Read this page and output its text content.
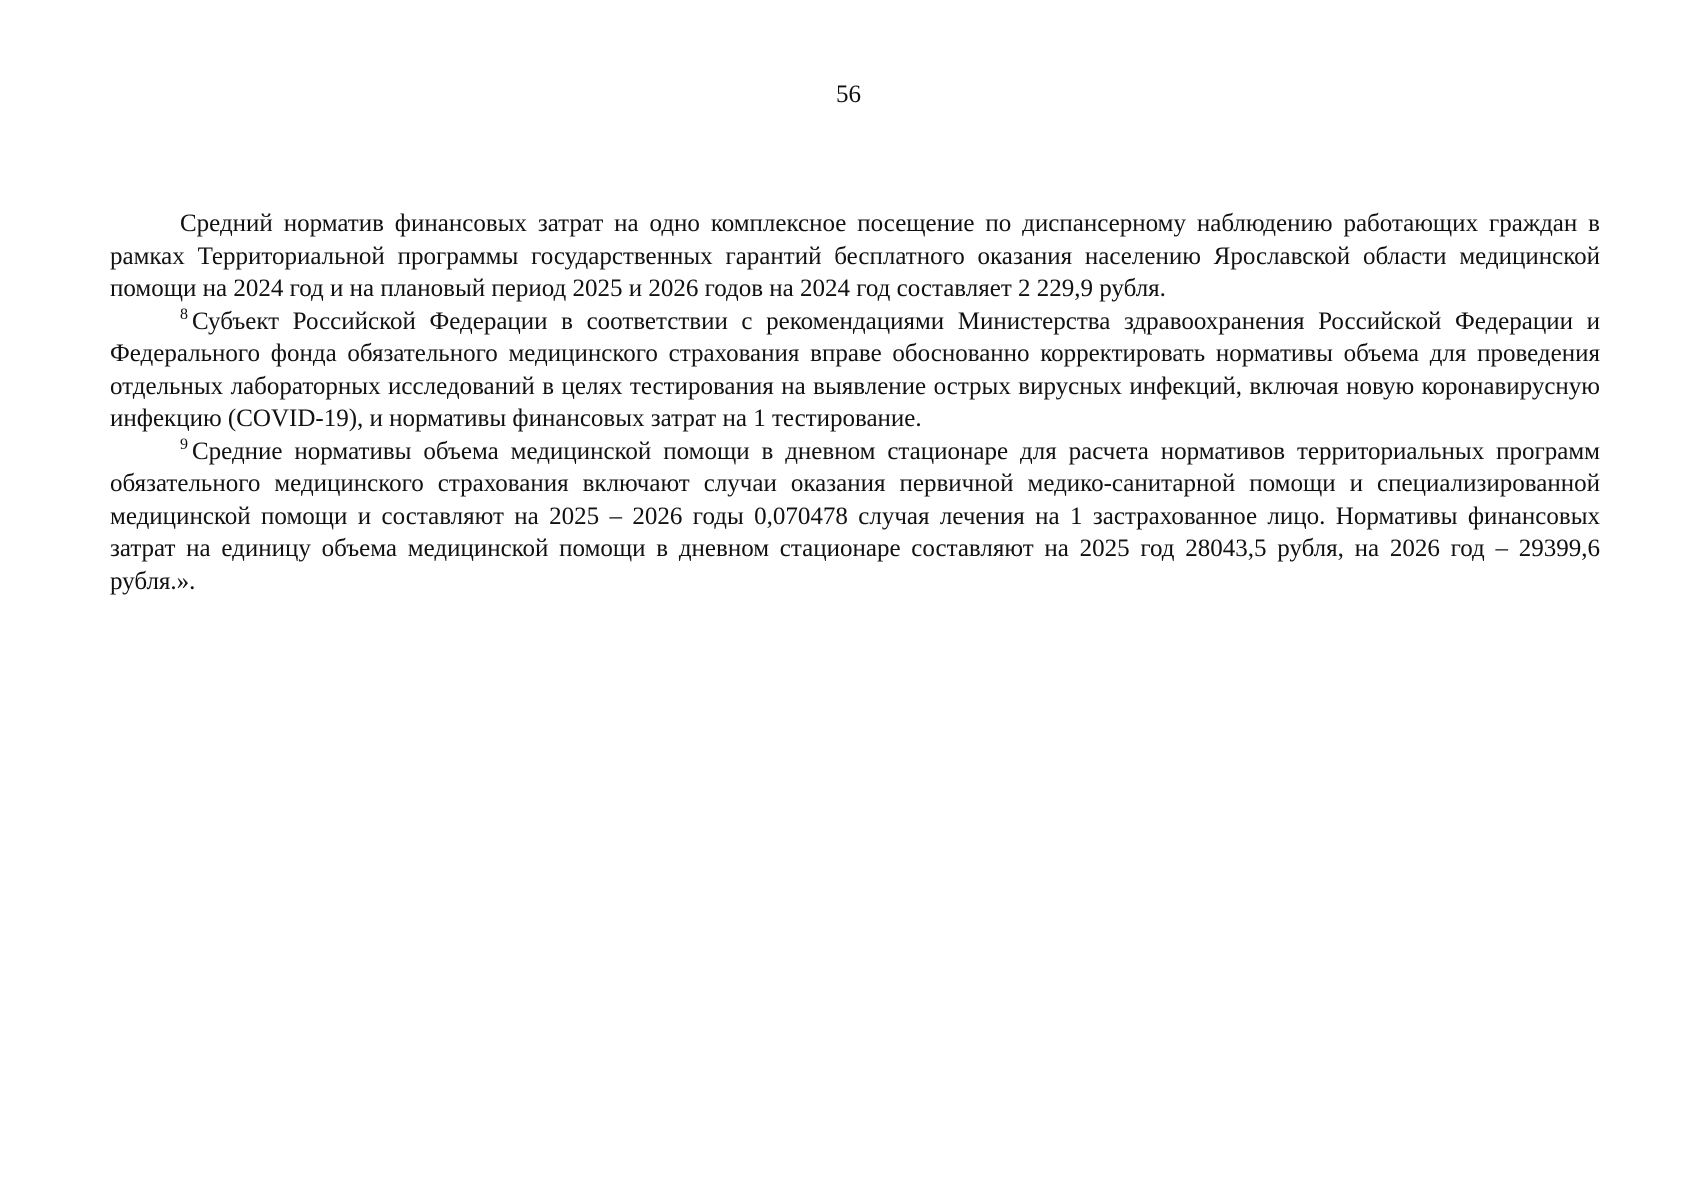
56

Средний норматив финансовых затрат на одно комплексное посещение по диспансерному наблюдению работающих граждан в рамках Территориальной программы государственных гарантий бесплатного оказания населению Ярославской области медицинской помощи на 2024 год и на плановый период 2025 и 2026 годов на 2024 год составляет 2 229,9 рубля.

$^8$ Субъект Российской Федерации в соответствии с рекомендациями Министерства здравоохранения Российской Федерации и Федерального фонда обязательного медицинского страхования вправе обоснованно корректировать нормативы объема для проведения отдельных лабораторных исследований в целях тестирования на выявление острых вирусных инфекций, включая новую коронавирусную инфекцию (COVID-19), и нормативы финансовых затрат на 1 тестирование.

$^9$ Средние нормативы объема медицинской помощи в дневном стационаре для расчета нормативов территориальных программ обязательного медицинского страхования включают случаи оказания первичной медико-санитарной помощи и специализированной медицинской помощи и составляют на 2025 – 2026 годы 0,070478 случая лечения на 1 застрахованное лицо. Нормативы финансовых затрат на единицу объема медицинской помощи в дневном стационаре составляют на 2025 год 28043,5 рубля, на 2026 год – 29399,6 рубля.».
